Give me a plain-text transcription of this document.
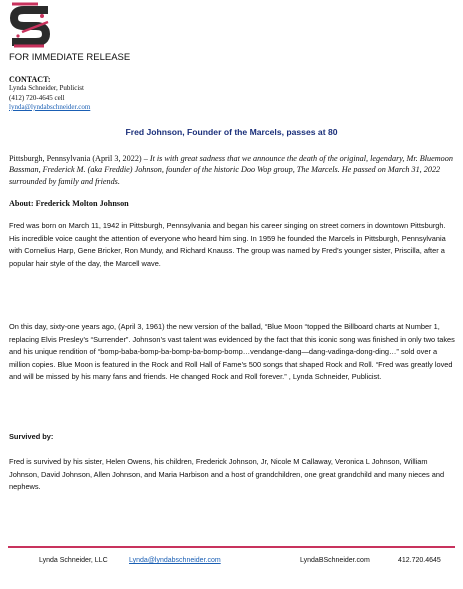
FOR IMMEDIATE RELEASE
CONTACT:
Lynda Schneider, Publicist
(412) 720-4645 cell
lynda@lyndabschneider.com
Fred Johnson, Founder of the Marcels, passes at 80
Pittsburgh, Pennsylvania (April 3, 2022) – It is with great sadness that we announce the death of the original, legendary, Mr. Bluemoon Bassman, Frederick M. (aka Freddie) Johnson, founder of the historic Doo Wop group, The Marcels. He passed on March 31, 2022 surrounded by family and friends.
About: Frederick Molton Johnson

Fred was born on March 11, 1942 in Pittsburgh, Pennsylvania and began his career singing on street corners in downtown Pittsburgh. His incredible voice caught the attention of everyone who heard him sing. In 1959 he founded the Marcels in Pittsburgh, Pennsylvania with Cornelius Harp, Gene Bricker, Ron Mundy, and Richard Knauss. The group was named by Fred’s younger sister, Priscilla, after a popular hair style of the day, the Marcell wave.

On this day, sixty-one years ago, (April 3, 1961) the new version of the ballad, “Blue Moon “topped the Billboard charts at Number 1, replacing Elvis Presley’s “Surrender”. Johnson’s vast talent was evidenced by the fact that this iconic song was finished in only two takes and his unique rendition of “bomp-baba-bomp-ba-bomp-ba-bomp-bomp…vendange-dang—dang-vadinga-dong-ding…” sold over a million copies. Blue Moon is featured in the Rock and Roll Hall of Fame’s 500 songs that shaped Rock and Roll. “Fred was greatly loved and will be missed by his many fans and friends. He changed Rock and Roll forever.” , Lynda Schneider, Publicist.

Survived by:

Fred is survived by his sister, Helen Owens, his children, Frederick Johnson, Jr, Nicole M Callaway, Veronica L Johnson, William Johnson, David Johnson, Allen Johnson, and Maria Harbison and a host of grandchildren, one great grandchild and many nieces and nephews.

Lynda Schneider, LLC	Lynda@lyndabschneider.com	LyndaBSchneider.com	412.720.4645
